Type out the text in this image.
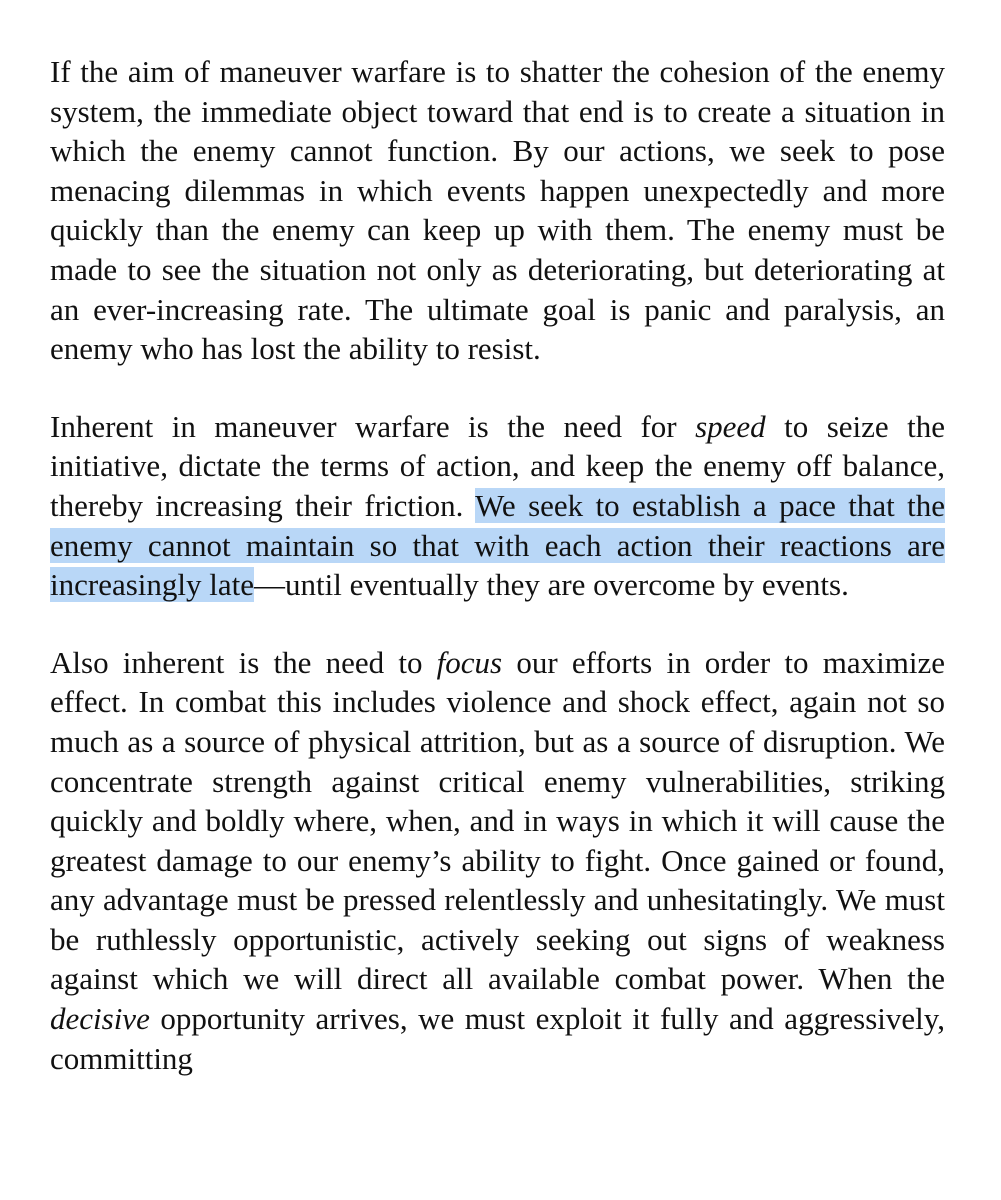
If the aim of maneuver warfare is to shatter the cohesion of the enemy system, the immediate object toward that end is to create a situation in which the enemy cannot function. By our actions, we seek to pose menacing dilemmas in which events happen unexpectedly and more quickly than the enemy can keep up with them. The enemy must be made to see the situation not only as deteriorating, but deteriorating at an ever-increasing rate. The ultimate goal is panic and paralysis, an enemy who has lost the ability to resist.

Inherent in maneuver warfare is the need for speed to seize the initiative, dictate the terms of action, and keep the enemy off balance, thereby increasing their friction. We seek to establish a pace that the enemy cannot maintain so that with each action their reactions are increasingly late—until eventually they are overcome by events.

Also inherent is the need to focus our efforts in order to maximize effect. In combat this includes violence and shock effect, again not so much as a source of physical attrition, but as a source of disruption. We concentrate strength against critical enemy vulnerabilities, striking quickly and boldly where, when, and in ways in which it will cause the greatest damage to our enemy’s ability to fight. Once gained or found, any advantage must be pressed relentlessly and unhesitatingly. We must be ruthlessly opportunistic, actively seeking out signs of weakness against which we will direct all available combat power. When the decisive opportunity arrives, we must exploit it fully and aggressively, committing
